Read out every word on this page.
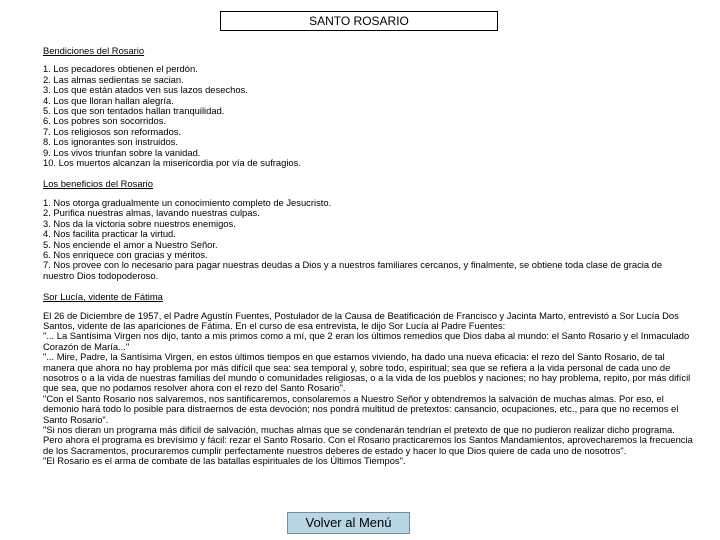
SANTO ROSARIO

Bendiciones del Rosario

1. Los pecadores obtienen el perdón.
2. Las almas sedientas se sacian.
3. Los que están atados ven sus lazos desechos.
4. Los que lloran hallan alegría.
5. Los que son tentados hallan tranquilidad.
6. Los pobres son socorridos.
7. Los religiosos son reformados.
8. Los ignorantes son instruidos.
9. Los vivos triunfan sobre la vanidad.
10. Los muertos alcanzan la misericordia por vía de sufragios.

Los beneficios del Rosario

1. Nos otorga gradualmente un conocimiento completo de Jesucristo.
2. Purifica nuestras almas, lavando nuestras culpas.
3. Nos da la victoria sobre nuestros enemigos.
4. Nos facilita practicar la virtud.
5. Nos enciende el amor a Nuestro Señor.
6. Nos enriquece con gracias y méritos.
7. Nos provee con lo necesario para pagar nuestras deudas a Dios y a nuestros familiares cercanos, y finalmente, se obtiene toda clase de gracia de nuestro Dios todopoderoso.

Sor Lucía, vidente de Fátima

El 26 de Diciembre de 1957, el Padre Agustín Fuentes, Postulador de la Causa de Beatificación de Francisco y Jacinta Marto, entrevistó a Sor Lucía Dos Santos, vidente de las apariciones de Fátima. En el curso de esa entrevista, le dijo Sor Lucía al Padre Fuentes:

"... La Santísima Virgen nos dijo, tanto a mis primos como a mí, que 2 eran los últimos remedios que Dios daba al mundo: el Santo Rosario y el Inmaculado Corazón de María..."

"... Mire, Padre, la Santísima Virgen, en estos últimos tiempos en que estamos viviendo, ha dado una nueva eficacia: el rezo del Santo Rosario, de tal manera que ahora no hay problema por más difícil que sea: sea temporal y, sobre todo, espiritual; sea que se refiera a la vida personal de cada uno de nosotros o a la vida de nuestras familias del mundo o comunidades religiosas, o a la vida de los pueblos y naciones; no hay problema, repito, por más difícil que sea, que no podamos resolver ahora con el rezo del Santo Rosario".

"Con el Santo Rosario nos salvaremos, nos santificaremos, consolaremos a Nuestro Señor y obtendremos la salvación de muchas almas. Por eso, el demonio hará todo lo posible para distraernos de esta devoción; nos pondrá multitud de pretextos: cansancio, ocupaciones, etc., para que no recemos el Santo Rosario".

"Si nos dieran un programa más difícil de salvación, muchas almas que se condenarán tendrían el pretexto de que no pudieron realizar dicho programa. Pero ahora el programa es brevísimo y fácil: rezar el Santo Rosario. Con el Rosario practicaremos los Santos Mandamientos, aprovecharemos la frecuencia de los Sacramentos, procuraremos cumplir perfectamente nuestros deberes de estado y hacer lo que Dios quiere de cada uno de nosotros".

"El Rosario es el arma de combate de las batallas espirituales de los Últimos Tiempos".

Volver al Menú
